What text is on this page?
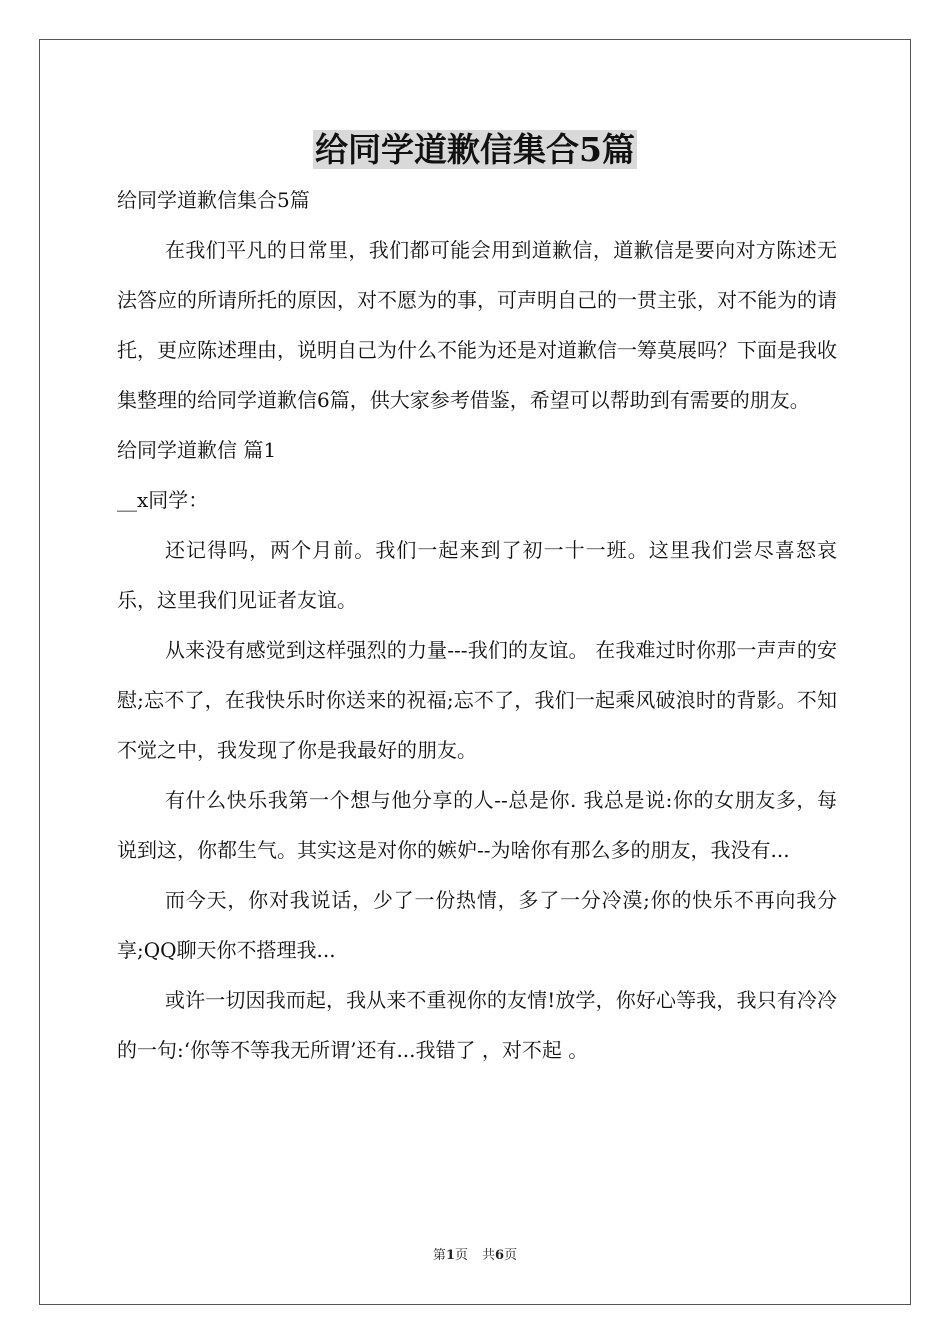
给同学道歉信集合5篇

给同学道歉信集合5篇

在我们平凡的日常里，我们都可能会用到道歉信，道歉信是要向对方陈述无法答应的所请所托的原因，对不愿为的事，可声明自己的一贯主张，对不能为的请托，更应陈述理由，说明自己为什么不能为还是对道歉信一筹莫展吗？下面是我收集整理的给同学道歉信6篇，供大家参考借鉴，希望可以帮助到有需要的朋友。

给同学道歉信 篇1

__x同学：

还记得吗，两个月前。我们一起来到了初一十一班。这里我们尝尽喜怒哀乐，这里我们见证者友谊。

从来没有感觉到这样强烈的力量---我们的友谊。 在我难过时你那一声声的安慰;忘不了，在我快乐时你送来的祝福;忘不了，我们一起乘风破浪时的背影。不知不觉之中，我发现了你是我最好的朋友。

有什么快乐我第一个想与他分享的人--总是你. 我总是说:你的女朋友多，每说到这，你都生气。其实这是对你的嫉妒--为啥你有那么多的朋友，我没有...

而今天，你对我说话，少了一份热情，多了一分冷漠;你的快乐不再向我分享;QQ聊天你不搭理我...

或许一切因我而起，我从来不重视你的友情!放学，你好心等我，我只有冷冷的一句:‘你等不等我无所谓’还有...我错了 ，对不起 。

第1页 共6页
